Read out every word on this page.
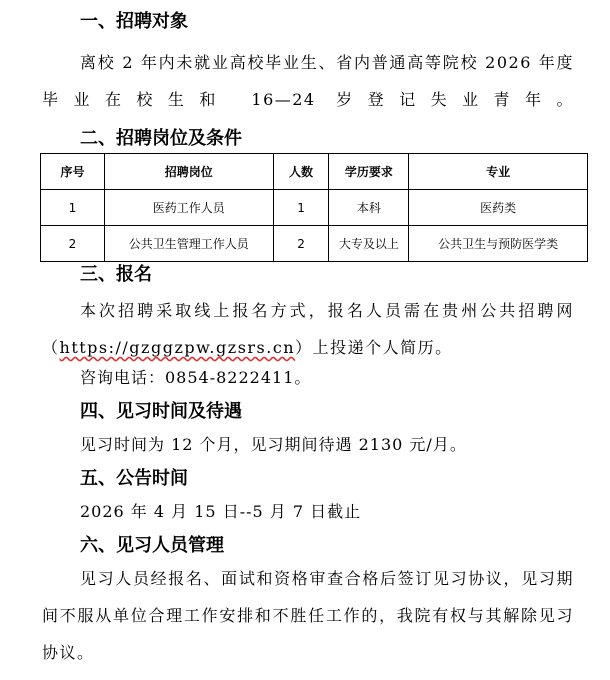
一、招聘对象
离校 2 年内未就业高校毕业生、省内普通高等院校 2026 年度毕业在校生和 16—24 岁登记失业青年。
二、招聘岗位及条件
序号	招聘岗位	人数	学历要求	专业
1	医药工作人员	1	本科	医药类
2	公共卫生管理工作人员	2	大专及以上	公共卫生与预防医学类
三、报名
本次招聘采取线上报名方式，报名人员需在贵州公共招聘网（https://gzggzpw.gzsrs.cn）上投递个人简历。
咨询电话：0854-8222411。
四、见习时间及待遇
见习时间为 12 个月，见习期间待遇 2130 元/月。
五、公告时间
2026 年 4 月 15 日--5 月 7 日截止
六、见习人员管理
见习人员经报名、面试和资格审查合格后签订见习协议，见习期间不服从单位合理工作安排和不胜任工作的，我院有权与其解除见习协议。
